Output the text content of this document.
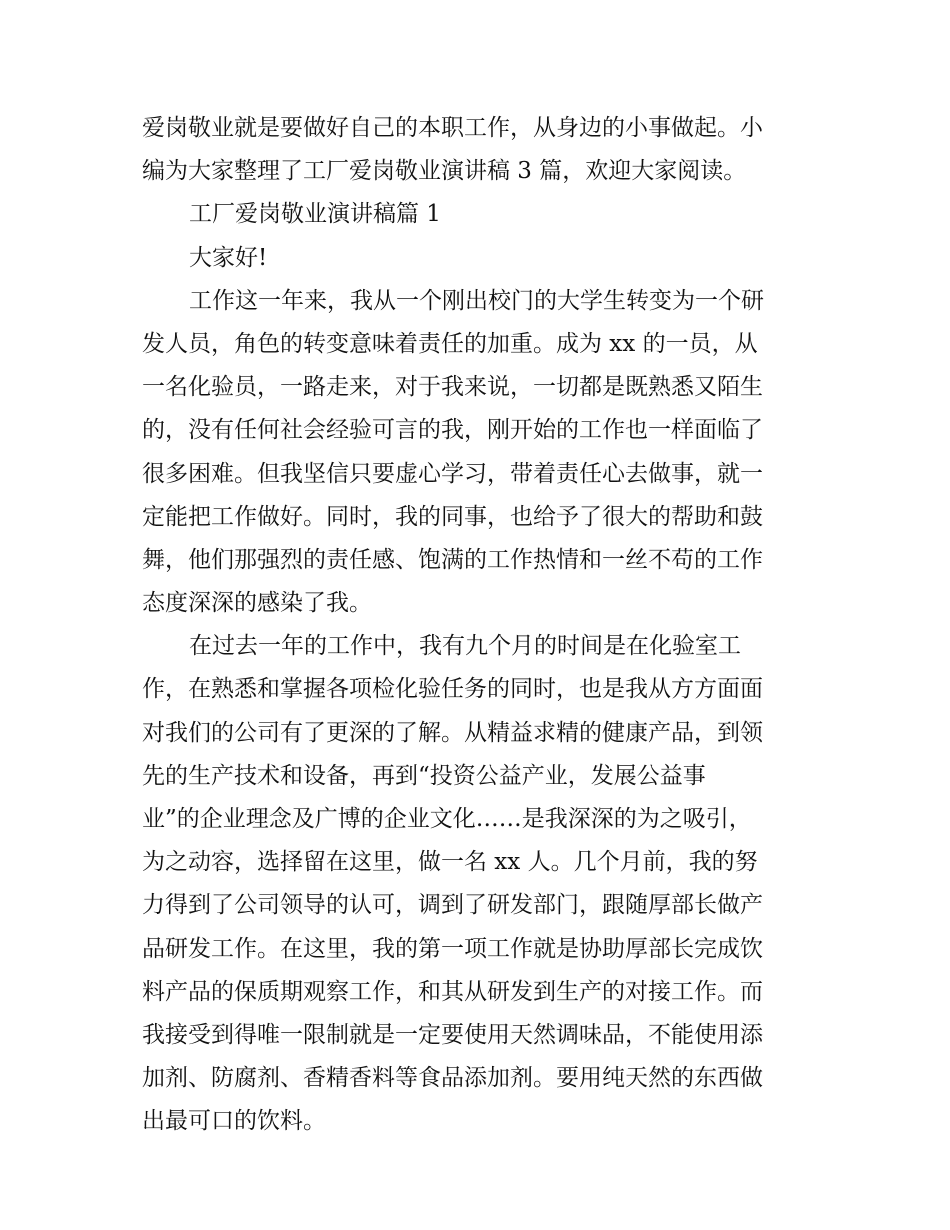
爱岗敬业就是要做好自己的本职工作，从身边的小事做起。小
编为大家整理了工厂爱岗敬业演讲稿 3 篇，欢迎大家阅读。
工厂爱岗敬业演讲稿篇 1
大家好!
工作这一年来，我从一个刚出校门的大学生转变为一个研
发人员，角色的转变意味着责任的加重。成为 xx 的一员，从
一名化验员，一路走来，对于我来说，一切都是既熟悉又陌生
的，没有任何社会经验可言的我，刚开始的工作也一样面临了
很多困难。但我坚信只要虚心学习，带着责任心去做事，就一
定能把工作做好。同时，我的同事，也给予了很大的帮助和鼓
舞，他们那强烈的责任感、饱满的工作热情和一丝不苟的工作
态度深深的感染了我。
在过去一年的工作中，我有九个月的时间是在化验室工
作，在熟悉和掌握各项检化验任务的同时，也是我从方方面面
对我们的公司有了更深的了解。从精益求精的健康产品，到领
先的生产技术和设备，再到“投资公益产业，发展公益事
业”的企业理念及广博的企业文化……是我深深的为之吸引，
为之动容，选择留在这里，做一名 xx 人。几个月前，我的努
力得到了公司领导的认可，调到了研发部门，跟随厚部长做产
品研发工作。在这里，我的第一项工作就是协助厚部长完成饮
料产品的保质期观察工作，和其从研发到生产的对接工作。而
我接受到得唯一限制就是一定要使用天然调味品，不能使用添
加剂、防腐剂、香精香料等食品添加剂。要用纯天然的东西做
出最可口的饮料。
